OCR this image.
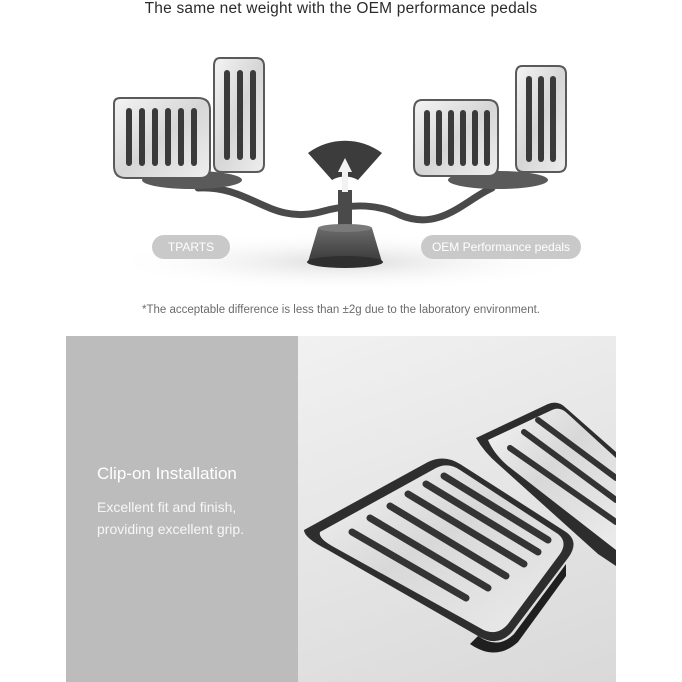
The same net weight with the OEM performance pedals
TPARTS	OEM Performance pedals
*The acceptable difference is less than ±2g due to the laboratory environment.
Clip-on Installation
Excellent fit and finish, providing excellent grip.
